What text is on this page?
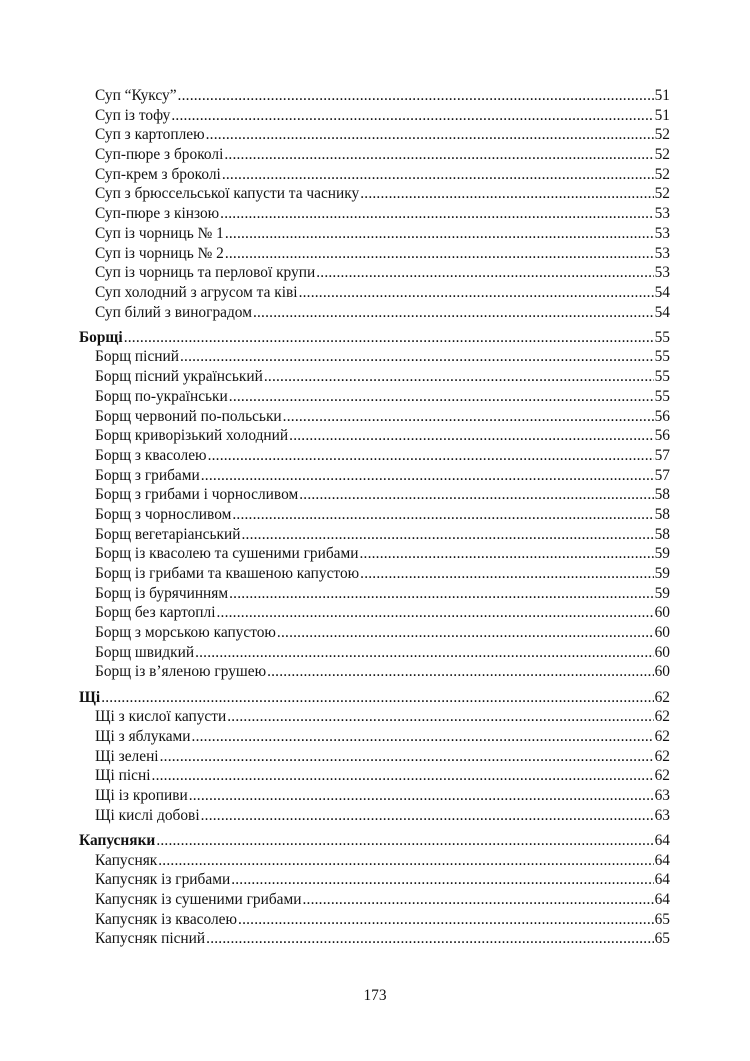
Суп “Куксу” .....	51
Суп із тофу .....	51
Суп з картоплею .....	52
Суп-пюре з броколі .....	52
Суп-крем з броколі .....	52
Суп з брюссельської капусти та часнику .....	52
Суп-пюре з кінзою .....	53
Суп із чорниць № 1 .....	53
Суп із чорниць № 2 .....	53
Суп із чорниць та перлової крупи .....	53
Суп холодний з агрусом та ківі .....	54
Суп білий з виноградом .....	54
Борщі .....	55
Борщ пісний .....	55
Борщ пісний український .....	55
Борщ по-українськи .....	55
Борщ червоний по-польськи .....	56
Борщ криворізький холодний .....	56
Борщ з квасолею .....	57
Борщ з грибами .....	57
Борщ з грибами і чорносливом .....	58
Борщ з чорносливом .....	58
Борщ вегетаріанський .....	58
Борщ із квасолею та сушеними грибами .....	59
Борщ із грибами та квашеною капустою .....	59
Борщ із бурячинням .....	59
Борщ без картоплі .....	60
Борщ з морською капустою .....	60
Борщ швидкий .....	60
Борщ із в’яленою грушею .....	60
Щі .....	62
Щі з кислої капусти .....	62
Щі з яблуками .....	62
Щі зелені .....	62
Щі пісні .....	62
Щі із кропиви .....	63
Щі кислі добові .....	63
Капусняки .....	64
Капусняк .....	64
Капусняк із грибами .....	64
Капусняк із сушеними грибами .....	64
Капусняк із квасолею .....	65
Капусняк пісний .....	65
173
